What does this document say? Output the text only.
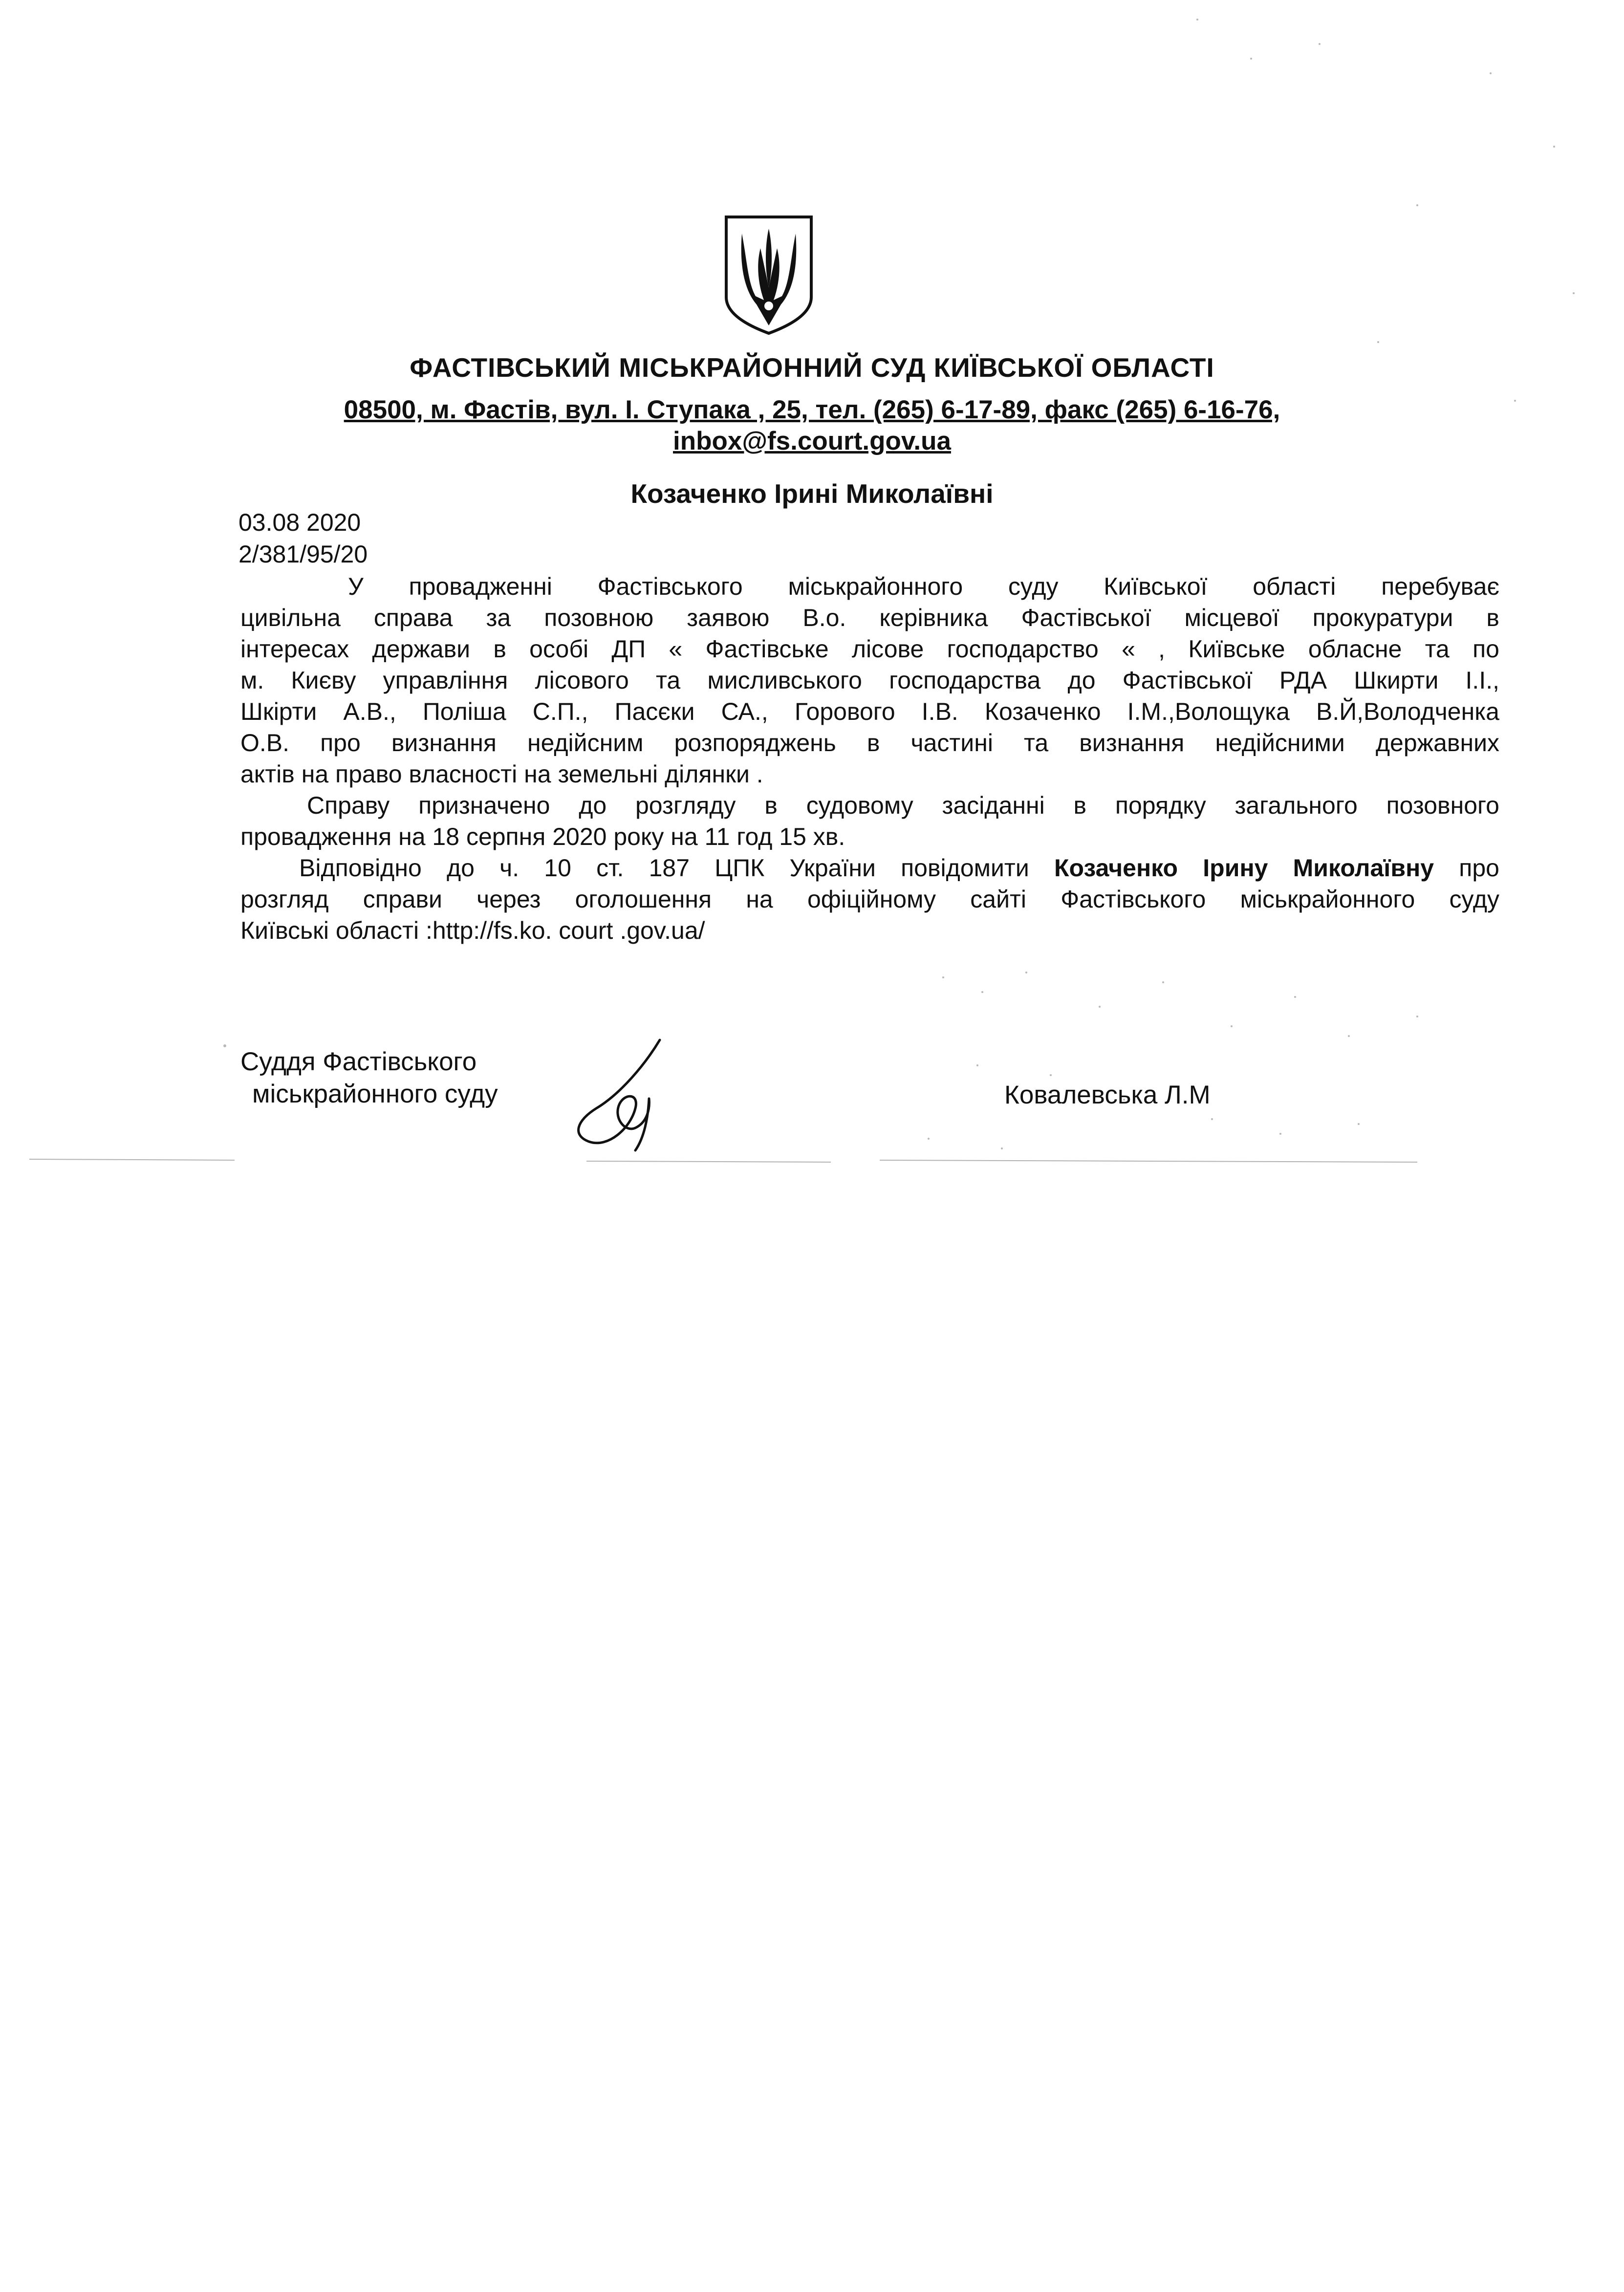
ФАСТІВСЬКИЙ МІСЬКРАЙОННИЙ СУД КИЇВСЬКОЇ ОБЛАСТІ
08500, м. Фастів, вул. І. Ступака , 25, тел. (265) 6-17-89, факс (265) 6-16-76,
inbox@fs.court.gov.ua
Козаченко Ірині Миколаївні
03.08 2020
2/381/95/20
У провадженні Фастівського міськрайонного суду Київської області перебуває
цивільна справа за позовною заявою В.о. керівника Фастівської місцевої прокуратури в
інтересах держави в особі ДП « Фастівське лісове господарство « , Київське обласне та по
м. Києву управління лісового та мисливського господарства до Фастівської РДА Шкирти І.І.,
Шкірти А.В., Поліша С.П., Пасєки СА., Горового І.В. Козаченко І.М.,Волощука В.Й,Володченка
О.В. про визнання недійсним розпоряджень в частині та визнання недійсними державних
актів на право власності на земельні ділянки .
Справу призначено до розгляду в судовому засіданні в порядку загального позовного
провадження на 18 серпня 2020 року на 11 год 15 хв.
Відповідно до ч. 10 ст. 187 ЦПК України повідомити Козаченко Ірину Миколаївну про
розгляд справи через оголошення на офіційному сайті Фастівського міськрайонного суду
Київські області :http://fs.ko. court .gov.ua/
Суддя Фастівського
міськрайонного суду	Ковалевська Л.М
